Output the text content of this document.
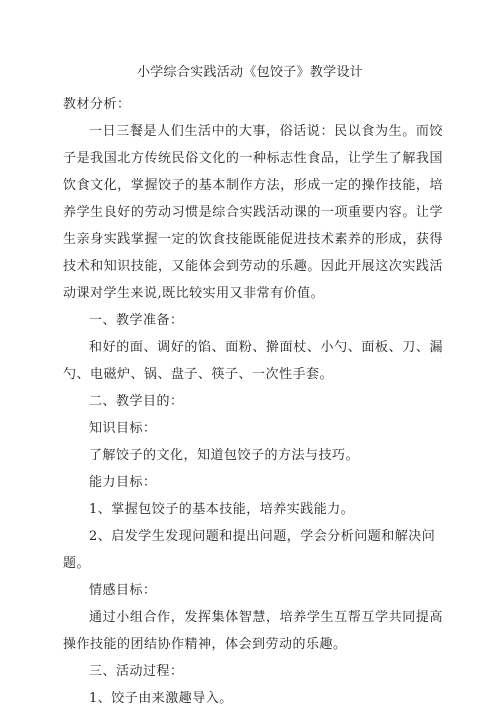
小学综合实践活动《包饺子》教学设计

教材分析：

一日三餐是人们生活中的大事，俗话说：民以食为生。而饺子是我国北方传统民俗文化的一种标志性食品，让学生了解我国饮食文化，掌握饺子的基本制作方法，形成一定的操作技能，培养学生良好的劳动习惯是综合实践活动课的一项重要内容。让学生亲身实践掌握一定的饮食技能既能促进技术素养的形成，获得技术和知识技能，又能体会到劳动的乐趣。因此开展这次实践活动课对学生来说,既比较实用又非常有价值。

一、教学准备：

和好的面、调好的馅、面粉、擀面杖、小勺、面板、刀、漏勺、电磁炉、锅、盘子、筷子、一次性手套。

二、教学目的：

知识目标：

了解饺子的文化，知道包饺子的方法与技巧。

能力目标：

1、掌握包饺子的基本技能，培养实践能力。

2、启发学生发现问题和提出问题，学会分析问题和解决问题。

情感目标：

通过小组合作，发挥集体智慧，培养学生互帮互学共同提高操作技能的团结协作精神，体会到劳动的乐趣。

三、活动过程：

1、饺子由来激趣导入。
